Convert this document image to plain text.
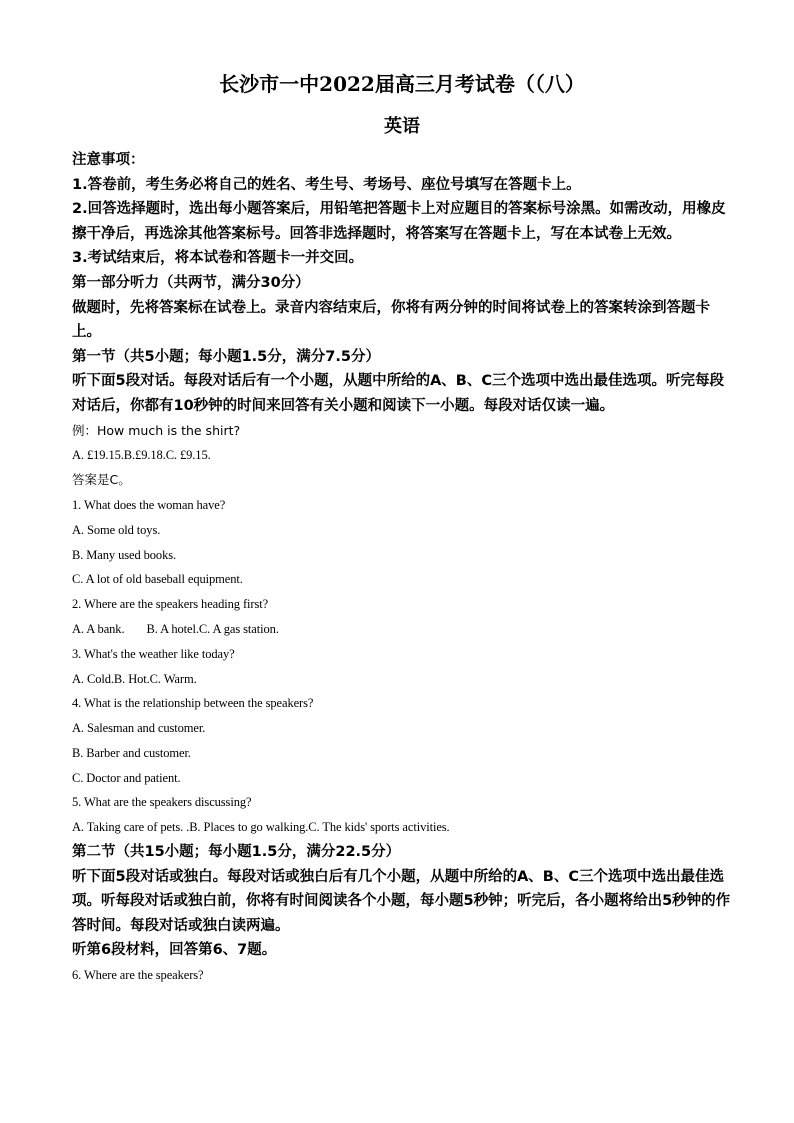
长沙市一中2022届高三月考试卷（（八）
英语

注意事项：

1.答卷前，考生务必将自己的姓名、考生号、考场号、座位号填写在答题卡上。

2.回答选择题时，选出每小题答案后，用铅笔把答题卡上对应题目的答案标号涂黑。如需改动，用橡皮擦干净后，再选涂其他答案标号。回答非选择题时，将答案写在答题卡上，写在本试卷上无效。

3.考试结束后，将本试卷和答题卡一并交回。

第一部分听力（共两节，满分30分）

做题时，先将答案标在试卷上。录音内容结束后，你将有两分钟的时间将试卷上的答案转涂到答题卡上。

第一节（共5小题；每小题1.5分，满分7.5分）

听下面5段对话。每段对话后有一个小题，从题中所给的A、B、C三个选项中选出最佳选项。听完每段对话后，你都有10秒钟的时间来回答有关小题和阅读下一小题。每段对话仅读一遍。

例：How much is the shirt?

A. £19.15.B.£9.18.C. £9.15.

答案是C。

1. What does the woman have?

A. Some old toys.

B. Many used books.

C. A lot of old baseball equipment.

2. Where are the speakers heading first?

A. A bank. B. A hotel.C. A gas station.

3. What's the weather like today?

A. Cold.B. Hot.C. Warm.

4. What is the relationship between the speakers?

A. Salesman and customer.

B. Barber and customer.

C. Doctor and patient.

5. What are the speakers discussing?

A. Taking care of pets. .B. Places to go walking.C. The kids' sports activities.

第二节（共15小题；每小题1.5分，满分22.5分）

听下面5段对话或独白。每段对话或独白后有几个小题，从题中所给的A、B、C三个选项中选出最佳选项。听每段对话或独白前，你将有时间阅读各个小题，每小题5秒钟；听完后，各小题将给出5秒钟的作答时间。每段对话或独白读两遍。

听第6段材料，回答第6、7题。

6. Where are the speakers?
